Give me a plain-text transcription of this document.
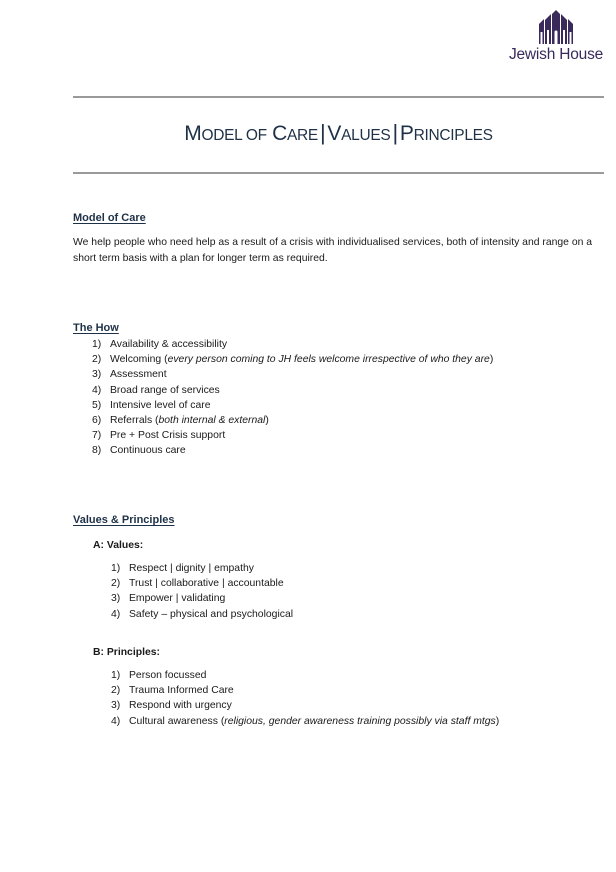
Jewish House
MODEL OF CARE|VALUES|PRINCIPLES
Model of Care
We help people who need help as a result of a crisis with individualised services, both of intensity and range on a short term basis with a plan for longer term as required.
The How
1) Availability & accessibility
2) Welcoming (every person coming to JH feels welcome irrespective of who they are)
3) Assessment
4) Broad range of services
5) Intensive level of care
6) Referrals (both internal & external)
7) Pre + Post Crisis support
8) Continuous care
Values & Principles
A: Values:
1) Respect | dignity | empathy
2) Trust | collaborative | accountable
3) Empower | validating
4) Safety – physical and psychological
B: Principles:
1) Person focussed
2) Trauma Informed Care
3) Respond with urgency
4) Cultural awareness (religious, gender awareness training possibly via staff mtgs)
